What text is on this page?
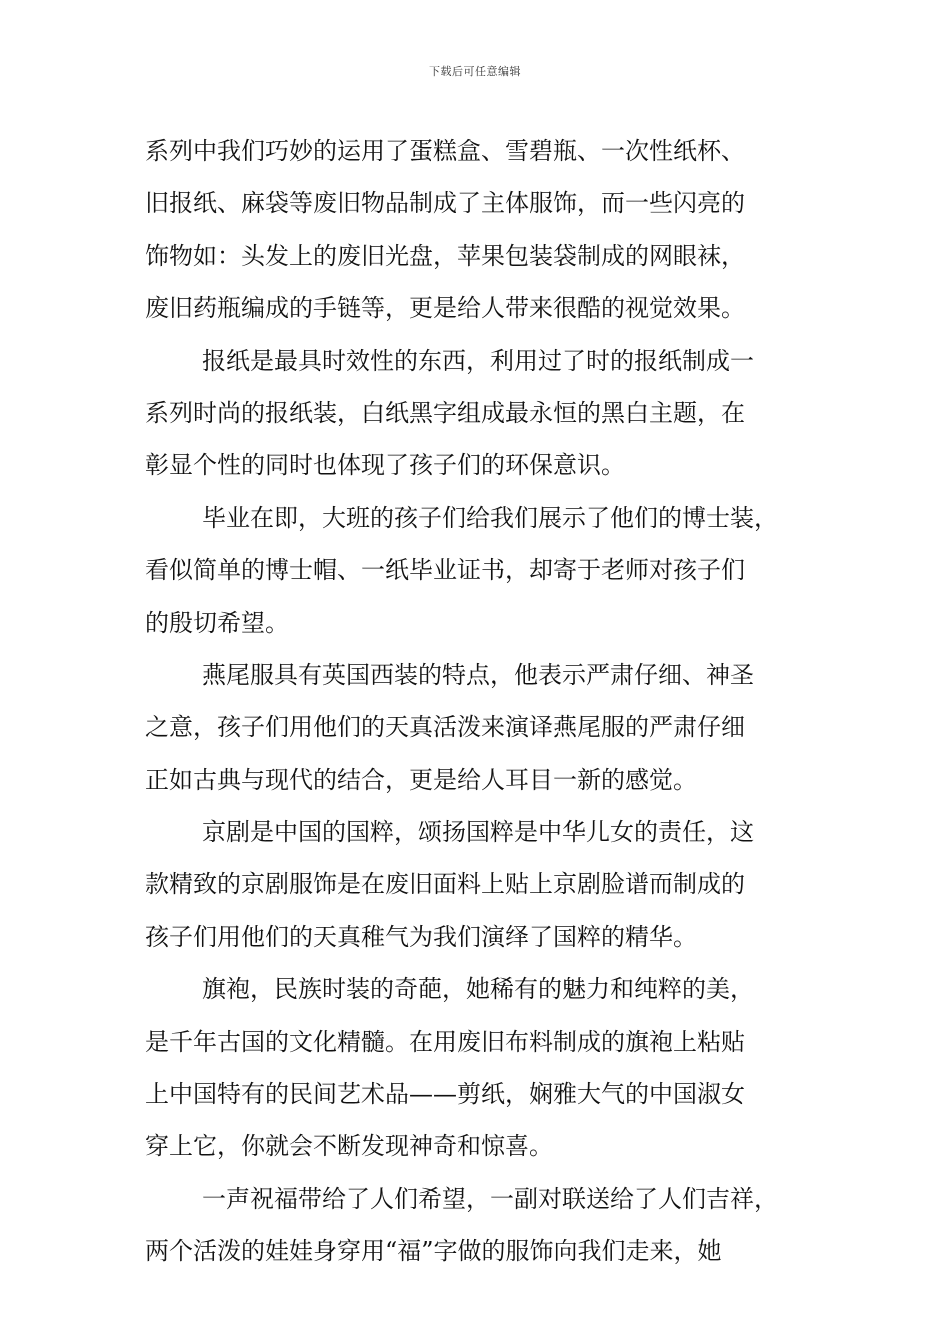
下载后可任意编辑
系列中我们巧妙的运用了蛋糕盒、雪碧瓶、一次性纸杯、
旧报纸、麻袋等废旧物品制成了主体服饰，而一些闪亮的
饰物如：头发上的废旧光盘，苹果包装袋制成的网眼袜，
废旧药瓶编成的手链等，更是给人带来很酷的视觉效果。
报纸是最具时效性的东西，利用过了时的报纸制成一
系列时尚的报纸装，白纸黑字组成最永恒的黑白主题，在
彰显个性的同时也体现了孩子们的环保意识。
毕业在即，大班的孩子们给我们展示了他们的博士装，
看似简单的博士帽、一纸毕业证书，却寄于老师对孩子们
的殷切希望。
燕尾服具有英国西装的特点，他表示严肃仔细、神圣
之意，孩子们用他们的天真活泼来演译燕尾服的严肃仔细
正如古典与现代的结合，更是给人耳目一新的感觉。
京剧是中国的国粹，颂扬国粹是中华儿女的责任，这
款精致的京剧服饰是在废旧面料上贴上京剧脸谱而制成的
孩子们用他们的天真稚气为我们演绎了国粹的精华。
旗袍，民族时装的奇葩，她稀有的魅力和纯粹的美，
是千年古国的文化精髓。在用废旧布料制成的旗袍上粘贴
上中国特有的民间艺术品——剪纸，娴雅大气的中国淑女
穿上它，你就会不断发现神奇和惊喜。
一声祝福带给了人们希望，一副对联送给了人们吉祥，
两个活泼的娃娃身穿用“福”字做的服饰向我们走来，她
